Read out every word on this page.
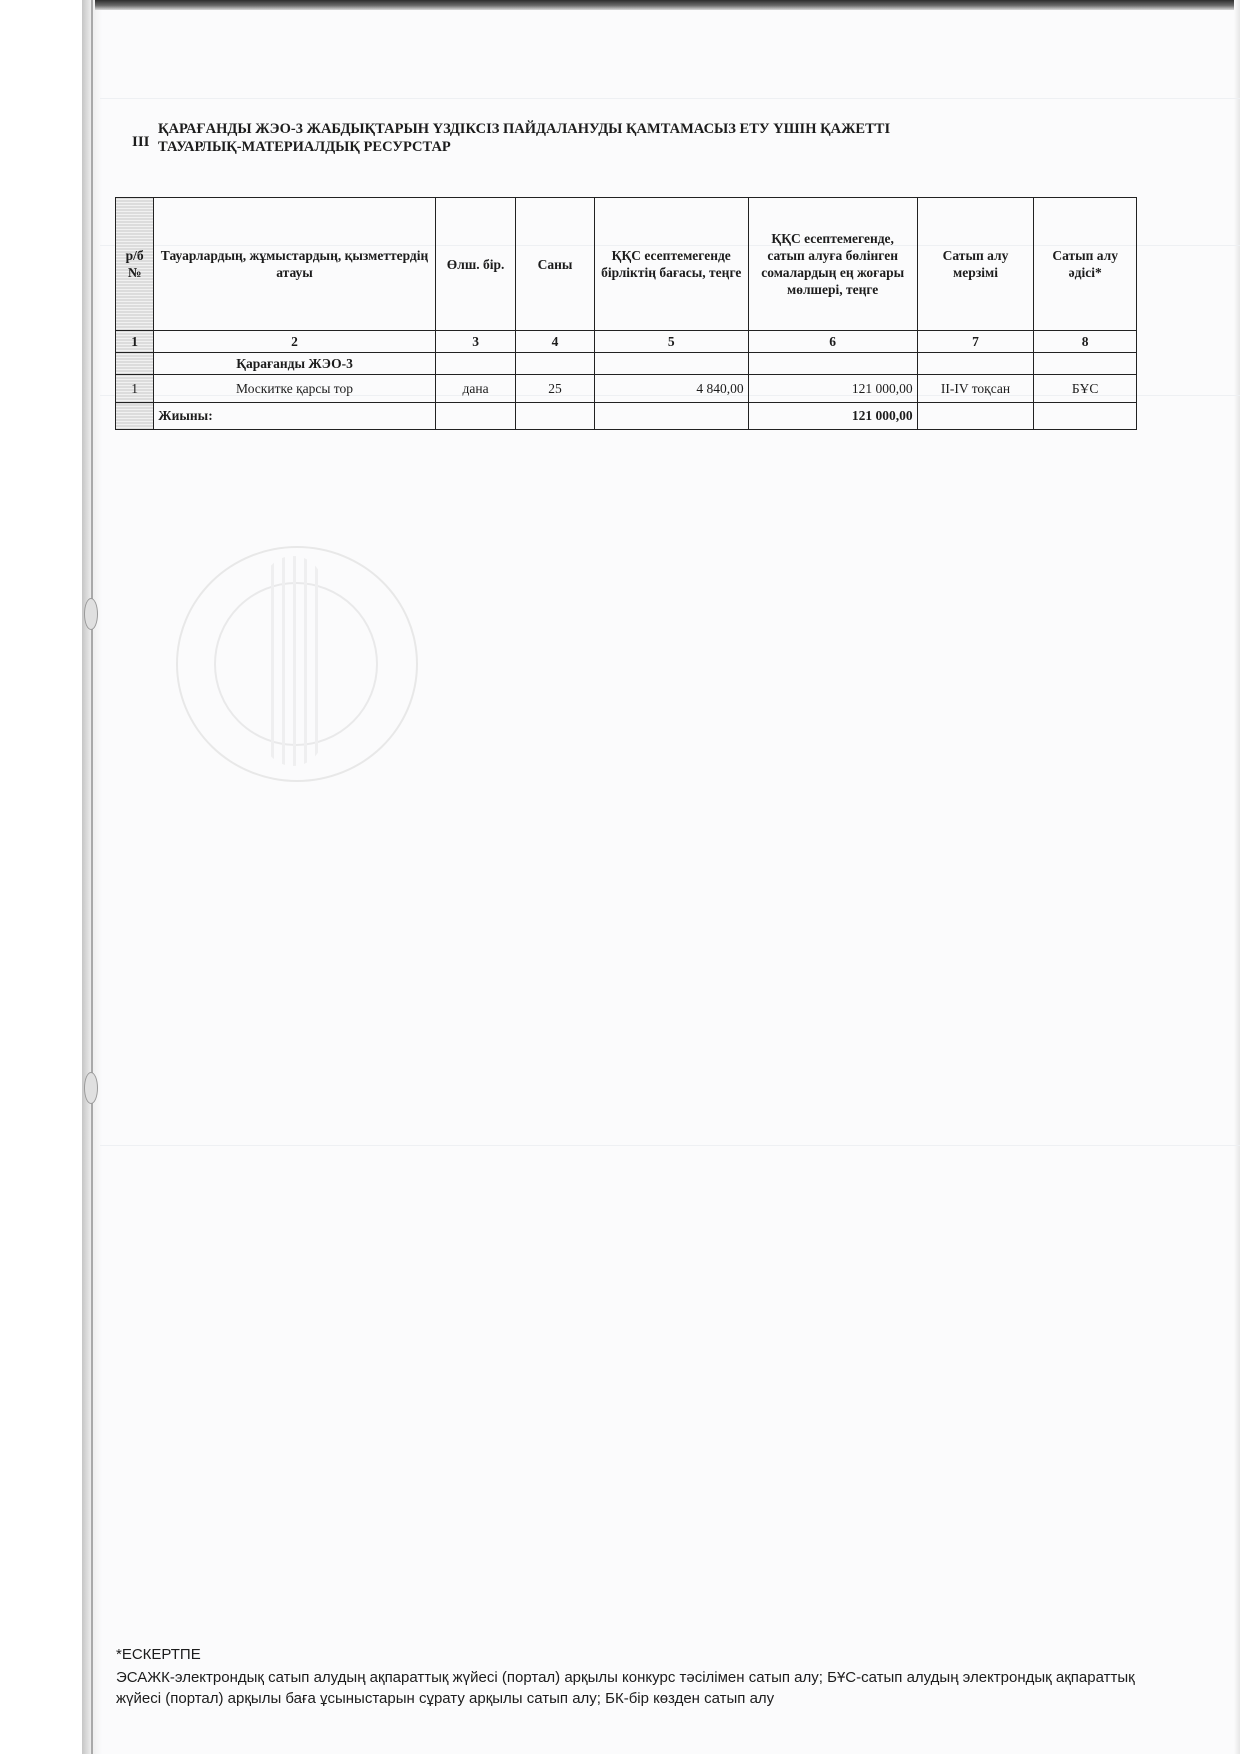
ІІІ
ҚАРАҒАНДЫ ЖЭО-3 ЖАБДЫҚТАРЫН ҮЗДІКСІЗ ПАЙДАЛАНУДЫ ҚАМТАМАСЫЗ ЕТУ ҮШІН ҚАЖЕТТІ
ТАУАРЛЫҚ-МАТЕРИАЛДЫҚ РЕСУРСТАР
р/б №	Тауарлардың, жұмыстардың, қызметтердің атауы	Өлш. бір.	Саны	ҚҚС есептемегенде бірліктің бағасы, теңге	ҚҚС есептемегенде, сатып алуға бөлінген сомалардың ең жоғары мөлшері, теңге	Сатып алу мерзімі	Сатып алу әдісі*
1	2	3	4	5	6	7	8
	Қарағанды ЖЭО-3						
1	Москитке қарсы тор	дана	25	4 840,00	121 000,00	ІІ-ІV тоқсан	БҰС
	Жиыны:				121 000,00		
*ЕСКЕРТПЕ
ЭСАЖК-электрондық сатып алудың ақпараттық жүйесі (портал) арқылы конкурс тәсілімен сатып алу; БҰС-сатып алудың электрондық ақпараттық жүйесі (портал) арқылы баға ұсыныстарын сұрату арқылы сатып алу; БК-бір көзден сатып алу
